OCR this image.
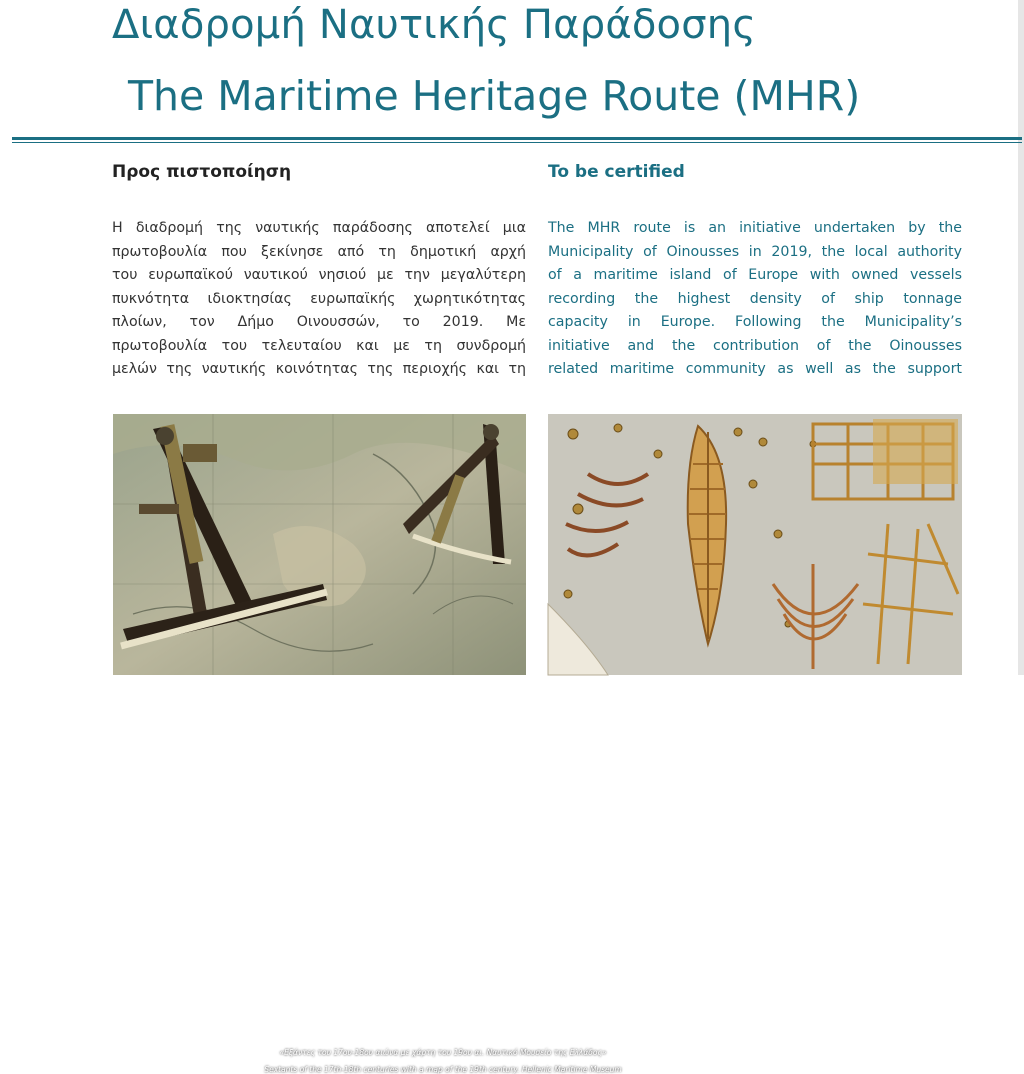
Διαδρομή Ναυτικής Παράδοσης
The Maritime Heritage Route (MHR)
Προς πιστοποίηση	To be certified
Η διαδρομή της ναυτικής παράδοσης αποτελεί μια
πρωτοβουλία που ξεκίνησε από τη δημοτική αρχή
του ευρωπαϊκού ναυτικού νησιού με την μεγαλύτερη
πυκνότητα ιδιοκτησίας ευρωπαϊκής χωρητικότητας
πλοίων, τον Δήμο Οινουσσών, το 2019. Με
πρωτοβουλία του τελευταίου και με τη συνδρομή
μελών της ναυτικής κοινότητας της περιοχής και τη
The MHR route is an initiative undertaken by the
Municipality of Oinousses in 2019, the local authority
of a maritime island of Europe with owned vessels
recording the highest density of ship tonnage
capacity in Europe. Following the Municipality’s
initiative and the contribution of the Oinousses
related maritime community as well as the support
«Εξάντες του 17ου-18ου αιώνα με χάρτη του 19ου αι. Ναυτικό Μουσείο της Ελλάδος»
Sextants of the 17th-18th centuries with a map of the 19th century. Hellenic Maritime Museum
